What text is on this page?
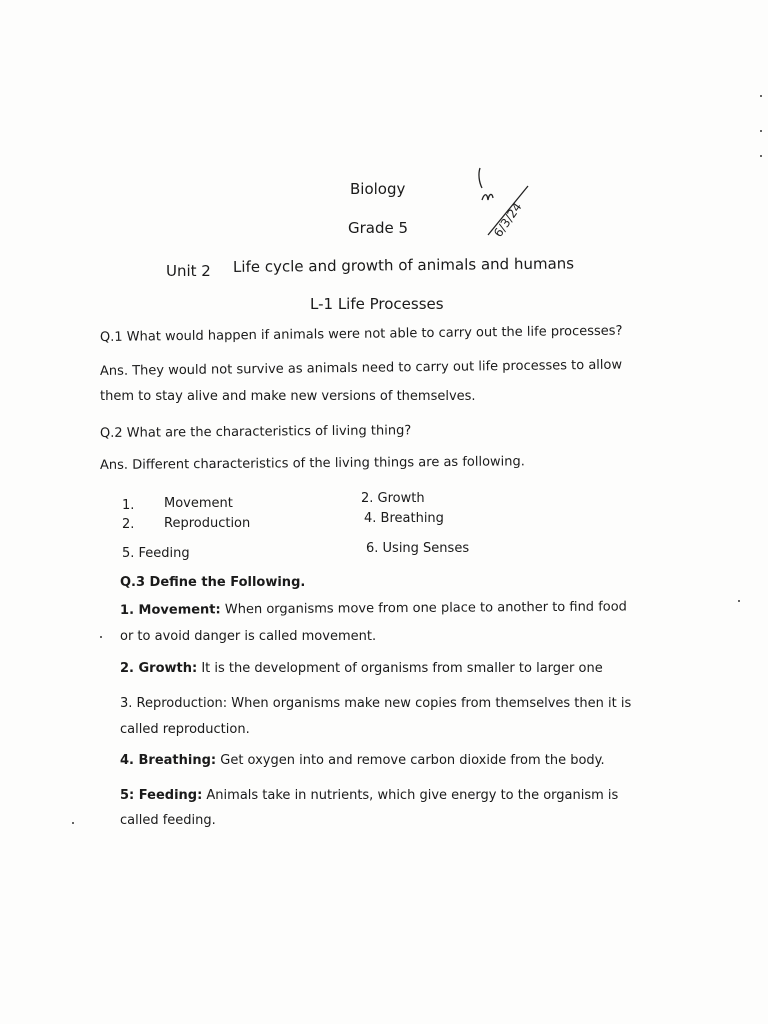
Biology
Grade 5	6/3/24
Unit 2 Life cycle and growth of animals and humans
L-1 Life Processes
Q.1 What would happen if animals were not able to carry out the life processes?
Ans. They would not survive as animals need to carry out life processes to allow
them to stay alive and make new versions of themselves.
Q.2 What are the characteristics of living thing?
Ans. Different characteristics of the living things are as following.
1. Movement
2. Reproduction
2. Growth
4. Breathing
5. Feeding	6. Using Senses
Q.3 Define the Following.
1. Movement: When organisms move from one place to another to find food
or to avoid danger is called movement.
2. Growth: It is the development of organisms from smaller to larger one
3. Reproduction: When organisms make new copies from themselves then it is
called reproduction.
4. Breathing: Get oxygen into and remove carbon dioxide from the body.
5: Feeding: Animals take in nutrients, which give energy to the organism is
called feeding.
